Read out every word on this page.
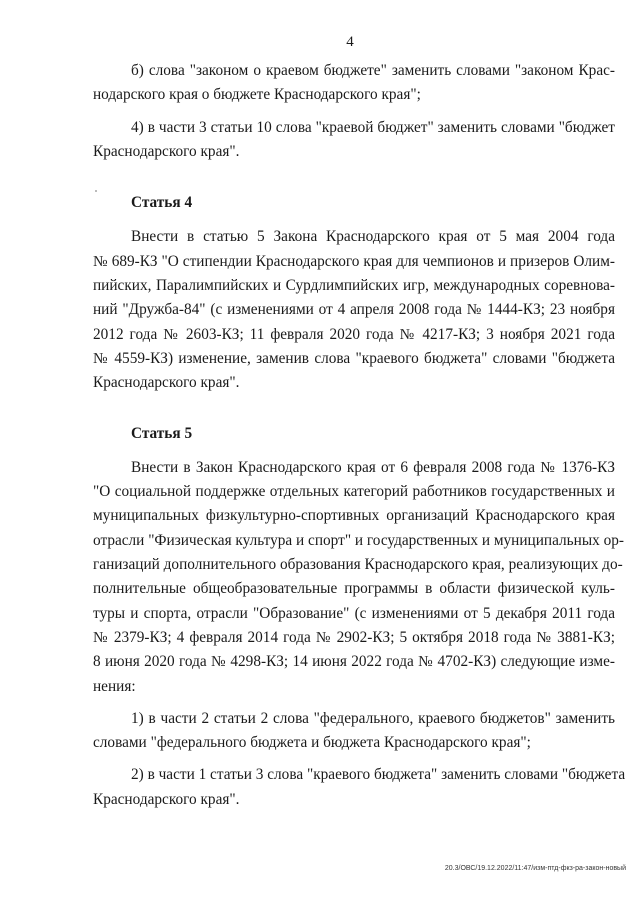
4
б) слова "законом о краевом бюджете" заменить словами "законом Крас-
нодарского края о бюджете Краснодарского края";
4) в части 3 статьи 10 слова "краевой бюджет" заменить словами "бюджет
Краснодарского края".
Статья 4
Внести в статью 5 Закона Краснодарского края от 5 мая 2004 года
№ 689-КЗ "О стипендии Краснодарского края для чемпионов и призеров Олим-
пийских, Паралимпийских и Сурдлимпийских игр, международных соревнова-
ний "Дружба-84" (с изменениями от 4 апреля 2008 года № 1444-КЗ; 23 ноября
2012 года № 2603-КЗ; 11 февраля 2020 года № 4217-КЗ; 3 ноября 2021 года
№ 4559-КЗ) изменение, заменив слова "краевого бюджета" словами "бюджета
Краснодарского края".
Статья 5
Внести в Закон Краснодарского края от 6 февраля 2008 года № 1376-КЗ
"О социальной поддержке отдельных категорий работников государственных и
муниципальных физкультурно-спортивных организаций Краснодарского края
отрасли "Физическая культура и спорт" и государственных и муниципальных ор-
ганизаций дополнительного образования Краснодарского края, реализующих до-
полнительные общеобразовательные программы в области физической куль-
туры и спорта, отрасли "Образование" (с изменениями от 5 декабря 2011 года
№ 2379-КЗ; 4 февраля 2014 года № 2902-КЗ; 5 октября 2018 года № 3881-КЗ;
8 июня 2020 года № 4298-КЗ; 14 июня 2022 года № 4702-КЗ) следующие изме-
нения:
1) в части 2 статьи 2 слова "федерального, краевого бюджетов" заменить
словами "федерального бюджета и бюджета Краснодарского края";
2) в части 1 статьи 3 слова "краевого бюджета" заменить словами "бюджета
Краснодарского края".
20.3/ОВС/19.12.2022/11:47/изм-птд-фкз-ра-закон-новый
